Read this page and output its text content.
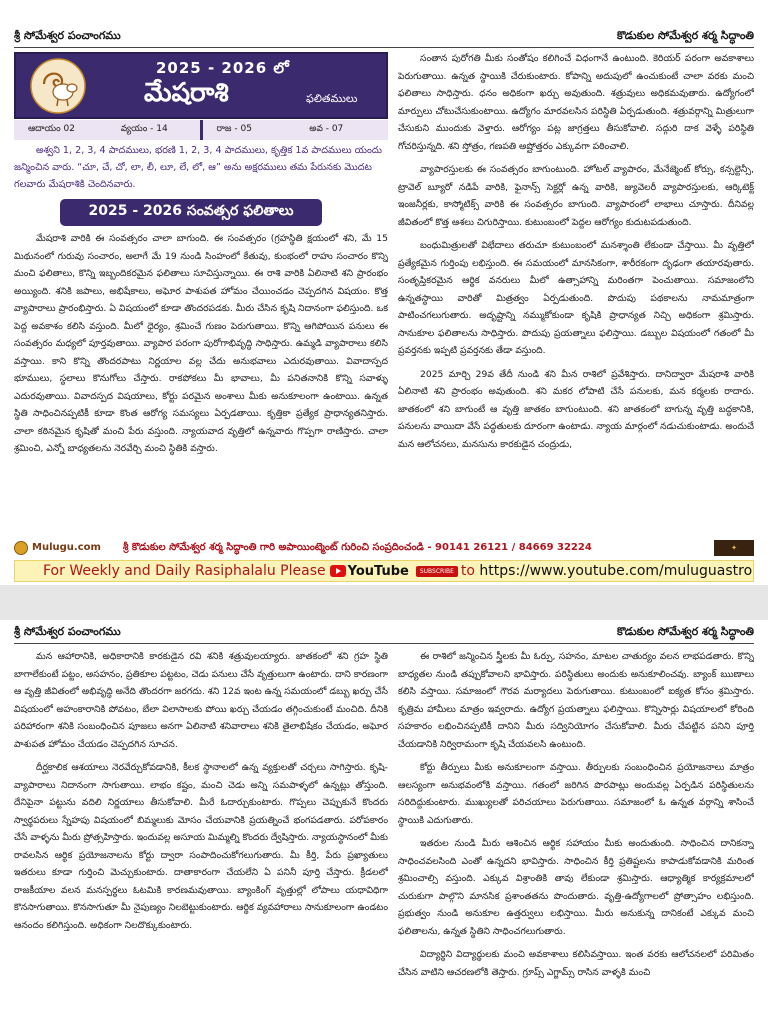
శ్రీ సోమేశ్వర పంచాంగము	కొడుకుల సోమేశ్వర శర్మ సిద్ధాంతి
2025 - 2026 లో
మేషరాశి	ఫలితములు
ఆదాయం 02	వ్యయం - 14	రాజ - 05	అవ - 07
అశ్వని 1, 2, 3, 4 పాదములు, భరణి 1, 2, 3, 4 పాదములు, కృత్తిక 1వ పాదములు యందు జన్మించిన వారు. “చూ, చే, చో, లా, లీ, లూ, లే, లో, ఆ” అను అక్షరములు తమ పేరునకు మొదట గలవారు మేషరాశికి చెందినవారు.
2025 - 2026 సంవత్సర ఫలితాలు

మేషరాశి వారికి ఈ సంవత్సరం చాలా బాగుంది. ఈ సంవత్సరం (గ్రహస్థితి క్షయంలో శని, మే 15 మిథునంలో గురువు సంచారం, అలాగే మే 19 నుండి సింహంలో కేతువు, కుంభంలో రాహు సంచారం కొన్ని మంచి ఫలితాలు, కొన్ని ఇబ్బందికరమైన ఫలితాలు సూచిస్తున్నాయి. ఈ రాశి వారికి ఏలినాటి శని ప్రారంభం అయ్యింది. శనికి జపాలు, అభిషేకాలు, అఘోర పాశుపత హోమం చేయించడం చెప్పదగిన విషయం. కొత్త వ్యాపారాలు ప్రారంభిస్తారు. ఏ విషయంలో కూడా తొందరపడకు. మీరు చేసిన కృషి నిదానంగా ఫలిస్తుంది. ఒక పెద్ద అవకాశం కలిసి వస్తుంది. మీలో ధైర్యం, శ్రమించే గుణం పెరుగుతాయి. కొన్ని ఆగిపోయిన పనులు ఈ సంవత్సరం మధ్యలో పూర్తవుతాయి. వ్యాపార పరంగా పురోగాభివృద్ధి సాధిస్తారు. ఉమ్మడి వ్యాపారాలు కలిసి వస్తాయి. కాని కొన్ని తొందరపాటు నిర్ణయాల వల్ల చేదు అనుభవాలు ఎదురవుతాయి. వివాదాస్పద భూములు, స్థలాలు కొనుగోలు చేస్తారు. రాకపోకలు మీ భావాలు, మీ పనితనానికి కొన్ని సవాళ్ళు ఎదురవుతాయి. వివాదస్పద విషయాలు, కోర్టు పరమైన అంశాలు మీకు అనుకూలంగా ఉంటాయి. ఉన్నత స్థితి సాధించినప్పటికీ కూడా కొంత ఆరోగ్య సమస్యలు ఏర్పడతాయి. కృత్తికా ప్రత్యేక ప్రాధాన్యతనిస్తారు. చాలా కఠినమైన కృషితో మంచి పేరు వస్తుంది. న్యాయవాద వృత్తిలో ఉన్నవారు గొప్పగా రాణిస్తారు. చాలా శ్రమించి, ఎన్నో బాధ్యతలను నెరవేర్చి మంచి స్థితికి వస్తారు.

సంతాన పురోగతి మీకు సంతోషం కలిగించే విధంగానే ఉంటుంది. కెరియర్ పరంగా అవకాశాలు పెరుగుతాయి. ఉన్నత స్థాయికి చేరుకుంటారు. కోపాన్ని అదుపులో ఉంచుకుంటే చాలా వరకు మంచి ఫలితాలు సాధిస్తారు. ధనం అధికంగా ఖర్చు అవుతుంది. శత్రువులు అధికమవుతారు. ఉద్యోగంలో మార్పులు చోటుచేసుకుంటాయి. ఉద్యోగం మారవలసిన పరిస్థితి ఏర్పడుతుంది. శత్రువర్గాన్ని మిత్రులుగా చేసుకుని ముందుకు వెళ్తారు. ఆరోగ్యం పట్ల జాగ్రత్తలు తీసుకోవాలి. సద్గురి దాక వెళ్ళే పరిస్థితి గోచరిస్తున్నది. శని స్తోత్రం, గణపతి అష్టోత్తరం ఎక్కువగా పఠించాలి.

వ్యాపారస్తులకు ఈ సంవత్సరం బాగుంటుంది. హోటల్ వ్యాపారం, మేనేజ్మెంట్ కోర్సు, కన్సల్టెన్సీ, ట్రావెల్ బ్యూరో నడిపే వారికి, ఫైనాన్స్ సెక్టర్లో ఉన్న వారికి, జ్యువెలరీ వ్యాపారస్తులకు, ఆర్కిటెక్ట్ ఇంజనీర్లకు, కాస్మోటిక్స్ వారికి ఈ సంవత్సరం బాగుంది. వ్యాపారంలో లాభాలు చూస్తారు. దీనివల్ల జీవితంలో కొత్త ఆశలు చిగురిస్తాయి. కుటుంబంలో పెద్దల ఆరోగ్యం కుదుటపడుతుంది.

బంధుమిత్రులతో విభేదాలు తరుచూ కుటుంబంలో మనశ్శాంతి లేకుండా చేస్తాయి. మీ వృత్తిలో ప్రత్యేకమైన గుర్తింపు లభిస్తుంది. ఈ సమయంలో మానసికంగా, శారీరకంగా దృఢంగా తయారవుతారు. సంతృప్తికరమైన ఆర్థిక వనరులు మీలో ఉత్సాహాన్ని మరింతగా పెంచుతాయి. సమాజంలోని ఉన్నతస్థాయి వారితో మిత్రత్వం ఏర్పడుతుంది. పొదుపు పథకాలను నామమాత్రంగా పాటించగలుగుతారు. అదృష్టాన్ని నమ్ముకోకుండా కృషికి ప్రాధాన్యత నిచ్చి అధికంగా శ్రమిస్తారు. సానుకూల ఫలితాలను సాధిస్తారు. పొదుపు ప్రయత్నాలు ఫలిస్తాయి. డబ్బుల విషయంలో గతంలో మీ ప్రవర్తనకు ఇప్పటి ప్రవర్తనకు తేడా వస్తుంది.

2025 మార్చి 29వ తేదీ నుండి శని మీన రాశిలో ప్రవేశిస్తారు. దానిద్వారా మేషరాశి వారికి ఏలినాటి శని ప్రారంభం అవుతుంది. శని మకర లోపాటి చేసే పనులకు, మన కర్మలకు రాదారు. జాతకంలో శని బాగుంటే ఆ వృత్తి జాతకం బాగుంటుంది. శని జాతకంలో బాగున్న వృత్తి బద్ధకానికి, పనులను వాయిదా వేసే పద్ధతులకు దూరంగా ఉంటాడు. న్యాయ మార్గంలో నడుచుకుంటాడు. అందుచే మన ఆలోచనలు, మనసును కారకుడైన చంద్రుడు,

Mulugu.com శ్రీ కొడుకుల సోమేశ్వర శర్మ సిద్ధాంతి గారి అపాయింట్మెంట్ గురించి సంప్రదించండి - 90141 26121 / 84669 32224	✦
For Weekly and Daily Rasiphalalu Please YouTube	SUBSCRIBE to
https://www.youtube.com/muluguastro
శ్రీ సోమేశ్వర పంచాంగము	కొడుకుల సోమేశ్వర శర్మ సిద్ధాంతి

మన ఆహారానికి, అధికారానికి కారకుడైన రవి శనికి శత్రువులయ్యారు. జాతకంలో శని గ్రహ స్థితి బాగాలేకుంటే పట్టం, అసహనం, ప్రతికూల పట్టటం, చెడు పనులు చేసే వృత్తులుగా ఉంటారు. దాని కారణంగా ఆ వృత్తి జీవితంలో అభివృద్ధి అనేది తొందరగా జరగదు. శని 12వ ఇంట ఉన్న సమయంలో డబ్బు ఖర్చు చేసే విషయంలో అహంకారానికి పోవటం, బేలా విలాసాలకు పోయి ఖర్చు చేయడం తగ్గించుకుంటే మంచిది. దీనికి పరిహారంగా శనికి సంబంధించిన పూజలు అనగా ఏలినాటి శనివారాలు శనికి తైలాభిషేకం చేయడం, అఘోర పాశుపత హోమం చేయడం చెప్పదగిన సూచన.

దీర్ఘకాలిక ఆశయాలు నెరవేర్చుకోవడానికి, కీలక స్థానాలలో ఉన్న వ్యక్తులతో చర్చలు సాగిస్తారు. కృషి-వ్యాపారాలు నిదానంగా సాగుతాయి. లాభం కష్టం, మంచి చెడు అన్ని సమపాళ్ళలో ఉన్నట్లు తోస్తుంది. దేనిపైనా పట్టును వదిలి నిర్ణయాలు తీసుకోవాలి. మీరే ఓదార్చుకుంటారు. గొప్పలు చెప్పుకునే కొందరు స్వార్థపరులు స్నేహపు విషయంలో బిమ్మలుకు మోసం చేయవానికి ప్రయత్నించే భంగపడతారు. పరోపకారం చేసే వాళ్ళను మీరు ప్రోత్సహిస్తారు. ఇందువల్ల అసూయ మిమ్మల్ని కొందరు ద్వేషిస్తారు. న్యాయస్థానంలో మీకు రావలసిన ఆర్థిక ప్రయోజనాలను కోర్టు ద్వారా సంపాదించుకోగలుగుతారు. మీ కీర్తి, పేరు ప్రఖ్యాతులు ఇతరులు కూడా గుర్తించి మెచ్చుకుంటారు. దాతాకారంగా చేయలేని ఏ పనినీ పూర్తి చేస్తారు. క్రీడలలో రాజకీయాల వలన మనస్పర్థలు ఓటమికి కారణమవుతాయి. బ్యాంకింగ్ వృత్తుల్లో లోపాలు యధావిధిగా కొనసాగుతాయి. కొనసాగుతూ మీ నైపుణ్యం నిలబెట్టుకుంటారు. ఆర్థిక వ్యవహారాలు సానుకూలంగా ఉండటం ఆనందం కలిగిస్తుంది. అధికంగా నిలదొక్కుకుంటారు.

ఈ రాశిలో జన్మించిన స్త్రీలకు మీ ఓర్పు, సహనం, మాటల చాతుర్యం వలన లాభపడతారు. కొన్ని బాధ్యతల నుండి తప్పుకోవాలని భావిస్తారు. పరిస్థితులు అందుకు అనుకూలించవు. బ్యాంక్ ఋణాలు కలిసి వస్తాయి. సమాజంలో గౌరవ మర్యాదలు పెరుగుతాయి. కుటుంబంలో ఐక్యత కోసం శ్రమిస్తారు. కృత్రిమ హామీలు మాత్రం ఇవ్వరాదు. ఉద్యోగ ప్రయత్నాలు ఫలిస్తాయి. కొన్నిసార్లు విషయాలలో కోరింది సహకారం లభించినప్పటికీ దానిని మీరు సద్వినియోగం చేసుకోవాలి. మీరు చేపట్టిన పనిని పూర్తి చేయడానికి నిర్విరామంగా కృషి చేయవలసి ఉంటుంది.

కోర్టు తీర్పులు మీకు అనుకూలంగా వస్తాయి. తీర్పులకు సంబంధించిన ప్రయోజనాలు మాత్రం ఆలస్యంగా అనుభవంలోకి వస్తాయి. గతంలో జరిగిన పొరపాట్లు అందువల్ల ఏర్పడిన పరిస్థితులను సరిదిద్దుకుంటారు. ముఖ్యులతో పరిచయాలు పెరుగుతాయి. సమాజంలో ఓ ఉన్నత వర్గాన్ని శాసించే స్థాయికి ఎదుగుతారు.

ఇతరుల నుండి మీరు ఆశించిన ఆర్థిక సహాయం మీకు అందుతుంది. సాధించిన దానికన్నా సాధించవలసింది ఎంతో ఉన్నదని భావిస్తారు. సాధించిన కీర్తి ప్రతిష్టలను కాపాడుకోవడానికి మరింత శ్రమించాల్సి వస్తుంది. ఎక్కువ విశ్రాంతికి తావు లేకుండా శ్రమిస్తారు. ఆధ్యాత్మిక కార్యక్రమాలలో చురుకుగా పాల్గొని మానసిక ప్రశాంతతను పొందుతారు. వృత్తి-ఉద్యోగాలలో ప్రోత్సాహం లభిస్తుంది. ప్రభుత్వం నుండి అనుకూల ఉత్తర్వులు లభిస్తాయి. మీరు అనుకున్న దానికంటే ఎక్కువ మంచి ఫలితాలను, ఉన్నత స్థితిని సాధించగలుగుతారు.

విద్యార్థిని విద్యార్థులకు మంచి అవకాశాలు కలిసివస్తాయి. ఇంత వరకు ఆలోచనలలో పరిమితం చేసిన వాటిని ఆచరణలోకి తెస్తారు. గ్రూప్స్ ఎగ్జామ్స్ రాసిన వాళ్ళకి మంచి
